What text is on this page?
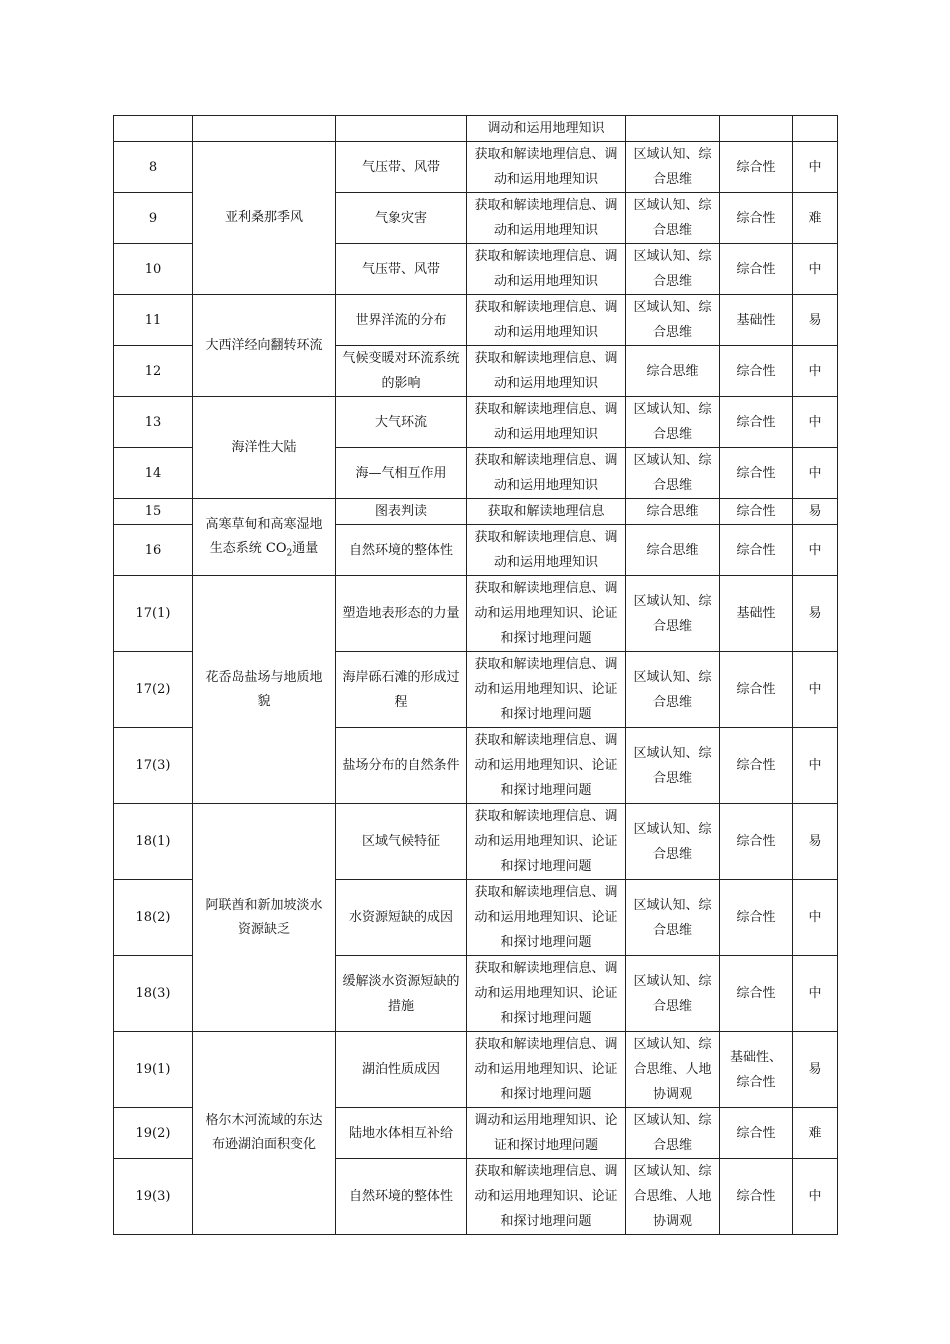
			调动和运用地理知识			
8	亚利桑那季风	气压带、风带	获取和解读地理信息、调动和运用地理知识	区域认知、综合思维	综合性	中
9		气象灾害	获取和解读地理信息、调动和运用地理知识	区域认知、综合思维	综合性	难
10		气压带、风带	获取和解读地理信息、调动和运用地理知识	区域认知、综合思维	综合性	中
11	大西洋经向翻转环流	世界洋流的分布	获取和解读地理信息、调动和运用地理知识	区域认知、综合思维	基础性	易
12		气候变暖对环流系统的影响	获取和解读地理信息、调动和运用地理知识	综合思维	综合性	中
13	海洋性大陆	大气环流	获取和解读地理信息、调动和运用地理知识	区域认知、综合思维	综合性	中
14		海—气相互作用	获取和解读地理信息、调动和运用地理知识	区域认知、综合思维	综合性	中
15	高寒草甸和高寒湿地生态系统 $CO_2$通量	图表判读	获取和解读地理信息	综合思维	综合性	易
16		自然环境的整体性	获取和解读地理信息、调动和运用地理知识	综合思维	综合性	中
17(1)	花岙岛盐场与地质地貌	塑造地表形态的力量	获取和解读地理信息、调动和运用地理知识、论证和探讨地理问题	区域认知、综合思维	基础性	易
17(2)		海岸砾石滩的形成过程	获取和解读地理信息、调动和运用地理知识、论证和探讨地理问题	区域认知、综合思维	综合性	中
17(3)		盐场分布的自然条件	获取和解读地理信息、调动和运用地理知识、论证和探讨地理问题	区域认知、综合思维	综合性	中
18(1)	阿联酋和新加坡淡水资源缺乏	区域气候特征	获取和解读地理信息、调动和运用地理知识、论证和探讨地理问题	区域认知、综合思维	综合性	易
18(2)		水资源短缺的成因	获取和解读地理信息、调动和运用地理知识、论证和探讨地理问题	区域认知、综合思维	综合性	中
18(3)		缓解淡水资源短缺的措施	获取和解读地理信息、调动和运用地理知识、论证和探讨地理问题	区域认知、综合思维	综合性	中
19(1)	格尔木河流域的东达布逊湖泊面积变化	湖泊性质成因	获取和解读地理信息、调动和运用地理知识、论证和探讨地理问题	区域认知、综合思维、人地协调观	基础性、综合性	易
19(2)		陆地水体相互补给	调动和运用地理知识、论证和探讨地理问题	区域认知、综合思维	综合性	难
19(3)		自然环境的整体性	获取和解读地理信息、调动和运用地理知识、论证和探讨地理问题	区域认知、综合思维、人地协调观	综合性	中
